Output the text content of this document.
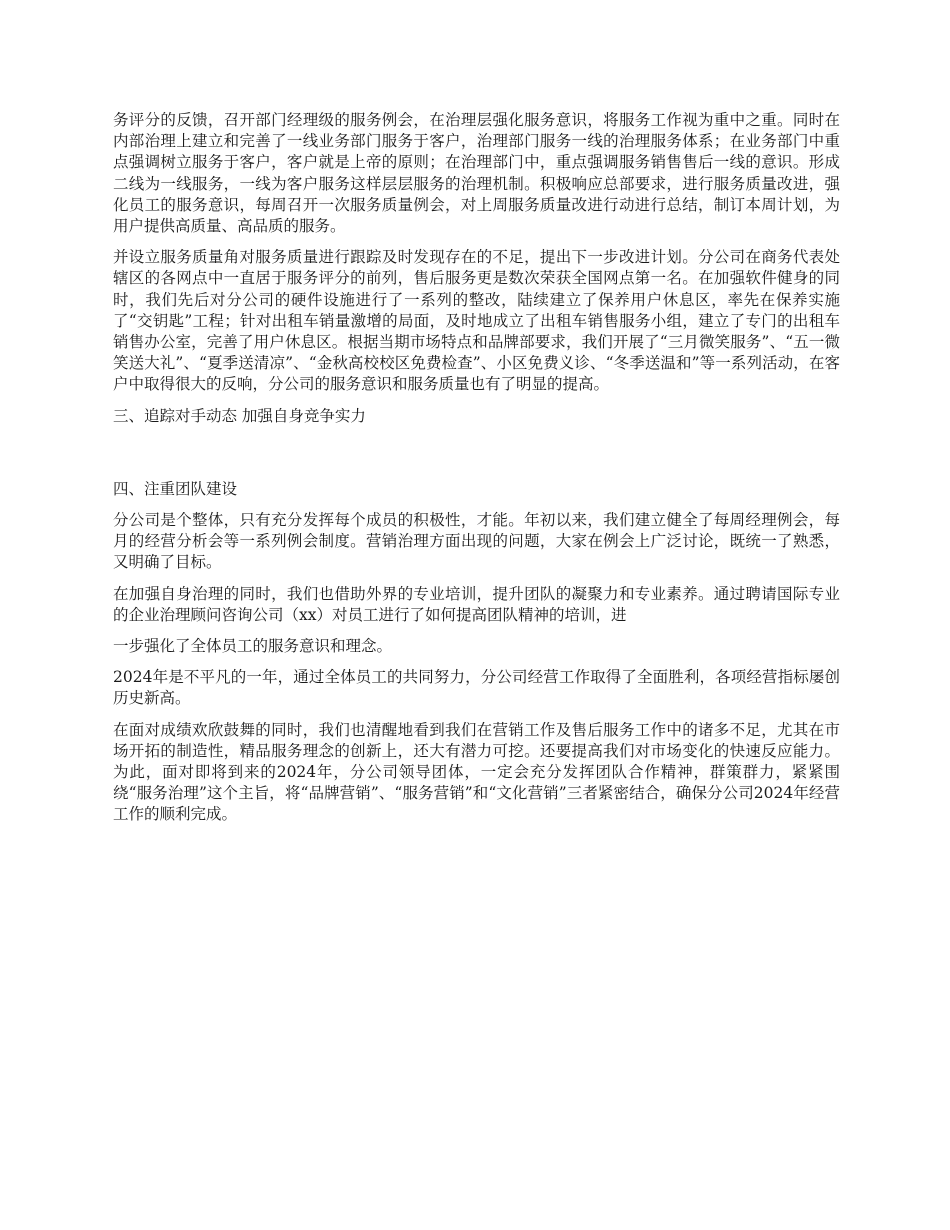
务评分的反馈，召开部门经理级的服务例会，在治理层强化服务意识，将服务工作视为重中之重。同时在内部治理上建立和完善了一线业务部门服务于客户，治理部门服务一线的治理服务体系；在业务部门中重点强调树立服务于客户，客户就是上帝的原则；在治理部门中，重点强调服务销售售后一线的意识。形成二线为一线服务，一线为客户服务这样层层服务的治理机制。积极响应总部要求，进行服务质量改进，强化员工的服务意识，每周召开一次服务质量例会，对上周服务质量改进行动进行总结，制订本周计划，为用户提供高质量、高品质的服务。

并设立服务质量角对服务质量进行跟踪及时发现存在的不足，提出下一步改进计划。分公司在商务代表处辖区的各网点中一直居于服务评分的前列，售后服务更是数次荣获全国网点第一名。在加强软件健身的同时，我们先后对分公司的硬件设施进行了一系列的整改，陆续建立了保养用户休息区，率先在保养实施了“交钥匙”工程；针对出租车销量激增的局面，及时地成立了出租车销售服务小组，建立了专门的出租车销售办公室，完善了用户休息区。根据当期市场特点和品牌部要求，我们开展了“三月微笑服务”、“五一微笑送大礼”、“夏季送清凉”、“金秋高校校区免费检查”、小区免费义诊、“冬季送温和”等一系列活动，在客户中取得很大的反响，分公司的服务意识和服务质量也有了明显的提高。

三、追踪对手动态 加强自身竞争实力

四、注重团队建设

分公司是个整体，只有充分发挥每个成员的积极性，才能。年初以来，我们建立健全了每周经理例会，每月的经营分析会等一系列例会制度。营销治理方面出现的问题，大家在例会上广泛讨论，既统一了熟悉，又明确了目标。

在加强自身治理的同时，我们也借助外界的专业培训，提升团队的凝聚力和专业素养。通过聘请国际专业的企业治理顾问咨询公司（xx）对员工进行了如何提高团队精神的培训，进

一步强化了全体员工的服务意识和理念。

2024年是不平凡的一年，通过全体员工的共同努力，分公司经营工作取得了全面胜利，各项经营指标屡创历史新高。

在面对成绩欢欣鼓舞的同时，我们也清醒地看到我们在营销工作及售后服务工作中的诸多不足，尤其在市场开拓的制造性，精品服务理念的创新上，还大有潜力可挖。还要提高我们对市场变化的快速反应能力。为此，面对即将到来的2024年，分公司领导团体，一定会充分发挥团队合作精神，群策群力，紧紧围绕“服务治理”这个主旨，将“品牌营销”、“服务营销”和“文化营销”三者紧密结合，确保分公司2024年经营工作的顺利完成。
